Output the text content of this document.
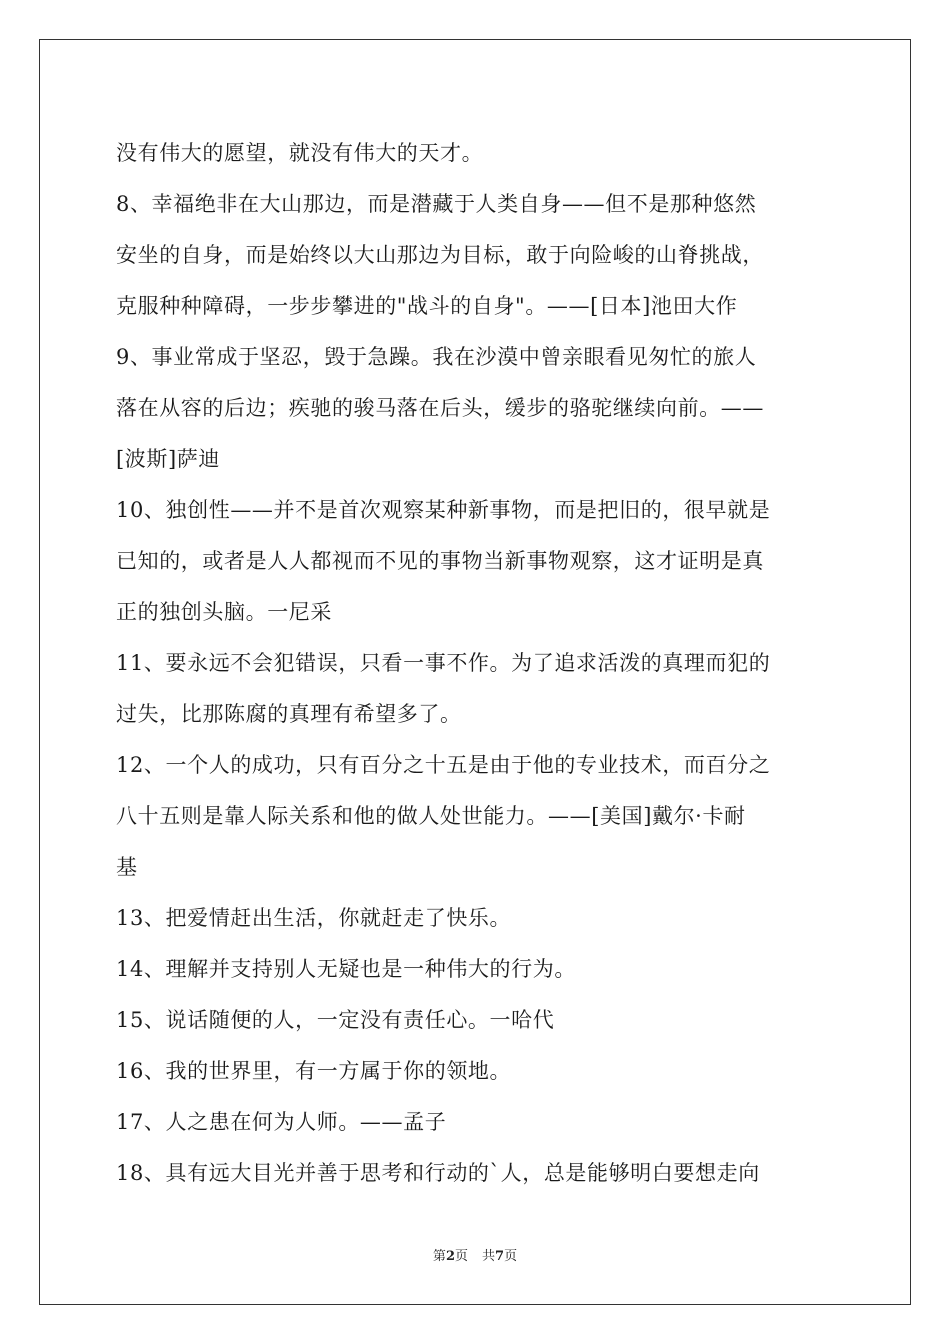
没有伟大的愿望，就没有伟大的天才。
8、幸福绝非在大山那边，而是潜藏于人类自身——但不是那种悠然
安坐的自身，而是始终以大山那边为目标，敢于向险峻的山脊挑战，
克服种种障碍，一步步攀进的"战斗的自身"。——[日本]池田大作
9、事业常成于坚忍，毁于急躁。我在沙漠中曾亲眼看见匆忙的旅人
落在从容的后边；疾驰的骏马落在后头，缓步的骆驼继续向前。——
[波斯]萨迪
10、独创性——并不是首次观察某种新事物，而是把旧的，很早就是
已知的，或者是人人都视而不见的事物当新事物观察，这才证明是真
正的独创头脑。一尼采
11、要永远不会犯错误，只看一事不作。为了追求活泼的真理而犯的
过失，比那陈腐的真理有希望多了。
12、一个人的成功，只有百分之十五是由于他的专业技术，而百分之
八十五则是靠人际关系和他的做人处世能力。——[美国]戴尔·卡耐
基
13、把爱情赶出生活，你就赶走了快乐。
14、理解并支持别人无疑也是一种伟大的行为。
15、说话随便的人，一定没有责任心。一哈代
16、我的世界里，有一方属于你的领地。
17、人之患在何为人师。——孟子
18、具有远大目光并善于思考和行动的`人，总是能够明白要想走向
第2页 共7页
